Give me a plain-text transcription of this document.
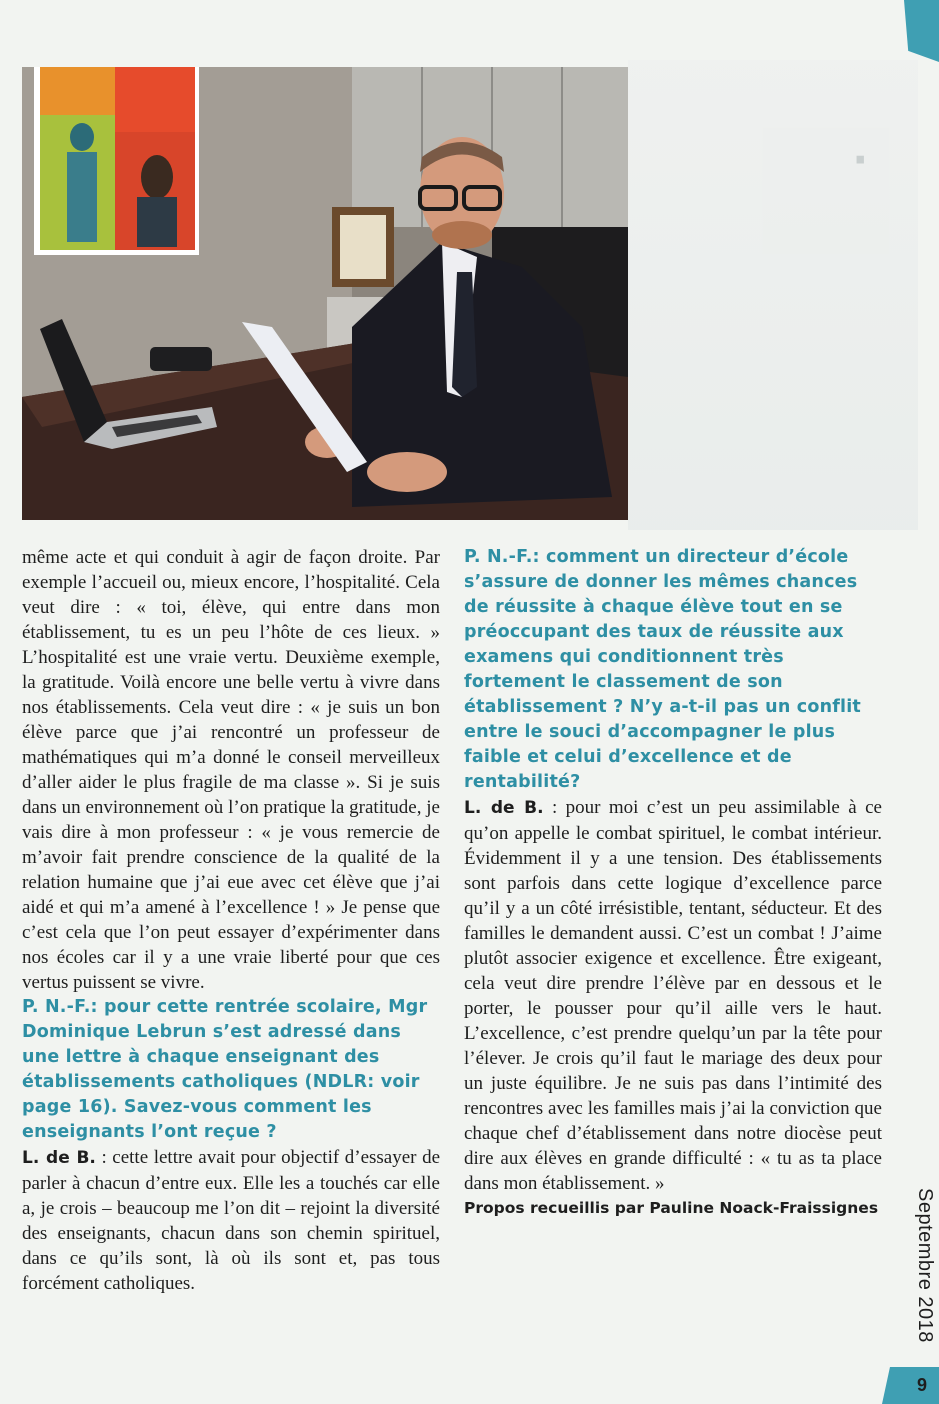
·

même acte et qui conduit à agir de façon droite. Par exemple l’accueil ou, mieux encore, l’hospitalité. Cela veut dire : « toi, élève, qui entre dans mon établissement, tu es un peu l’hôte de ces lieux. » L’hospitalité est une vraie vertu. Deuxième exemple, la gratitude. Voilà encore une belle vertu à vivre dans nos établissements. Cela veut dire : « je suis un bon élève parce que j’ai rencontré un professeur de mathématiques qui m’a donné le conseil merveilleux d’aller aider le plus fragile de ma classe ». Si je suis dans un environnement où l’on pratique la gratitude, je vais dire à mon professeur : « je vous remercie de m’avoir fait prendre conscience de la qualité de la relation humaine que j’ai eue avec cet élève que j’ai aidé et qui m’a amené à l’excellence ! » Je pense que c’est cela que l’on peut essayer d’expérimenter dans nos écoles car il y a une vraie liberté pour que ces vertus puissent se vivre.

P. N.-F.: pour cette rentrée scolaire, Mgr Dominique Lebrun s’est adressé dans une lettre à chaque enseignant des établissements catholiques (NDLR: voir page 16). Savez-vous comment les enseignants l’ont reçue ?

L. de B. : cette lettre avait pour objectif d’essayer de parler à chacun d’entre eux. Elle les a touchés car elle a, je crois – beaucoup me l’on dit – rejoint la diversité des enseignants, chacun dans son chemin spirituel, dans ce qu’ils sont, là où ils sont et, pas tous forcément catholiques.

P. N.-F.: comment un directeur d’école s’assure de donner les mêmes chances de réussite à chaque élève tout en se préoccupant des taux de réussite aux examens qui conditionnent très fortement le classement de son établissement ? N’y a-t-il pas un conflit entre le souci d’accompagner le plus faible et celui d’excellence et de rentabilité?

L. de B. : pour moi c’est un peu assimilable à ce qu’on appelle le combat spirituel, le combat intérieur. Évidemment il y a une tension. Des établissements sont parfois dans cette logique d’excellence parce qu’il y a un côté irrésistible, tentant, séducteur. Et des familles le demandent aussi. C’est un combat ! J’aime plutôt associer exigence et excellence. Être exigeant, cela veut dire prendre l’élève par en dessous et le porter, le pousser pour qu’il aille vers le haut. L’excellence, c’est prendre quelqu’un par la tête pour l’élever. Je crois qu’il faut le mariage des deux pour un juste équilibre. Je ne suis pas dans l’intimité des rencontres avec les familles mais j’ai la conviction que chaque chef d’établissement dans notre diocèse peut dire aux élèves en grande difficulté : « tu as ta place dans mon établissement. »

Propos recueillis par Pauline Noack-Fraissignes	Septembre 2018
9
